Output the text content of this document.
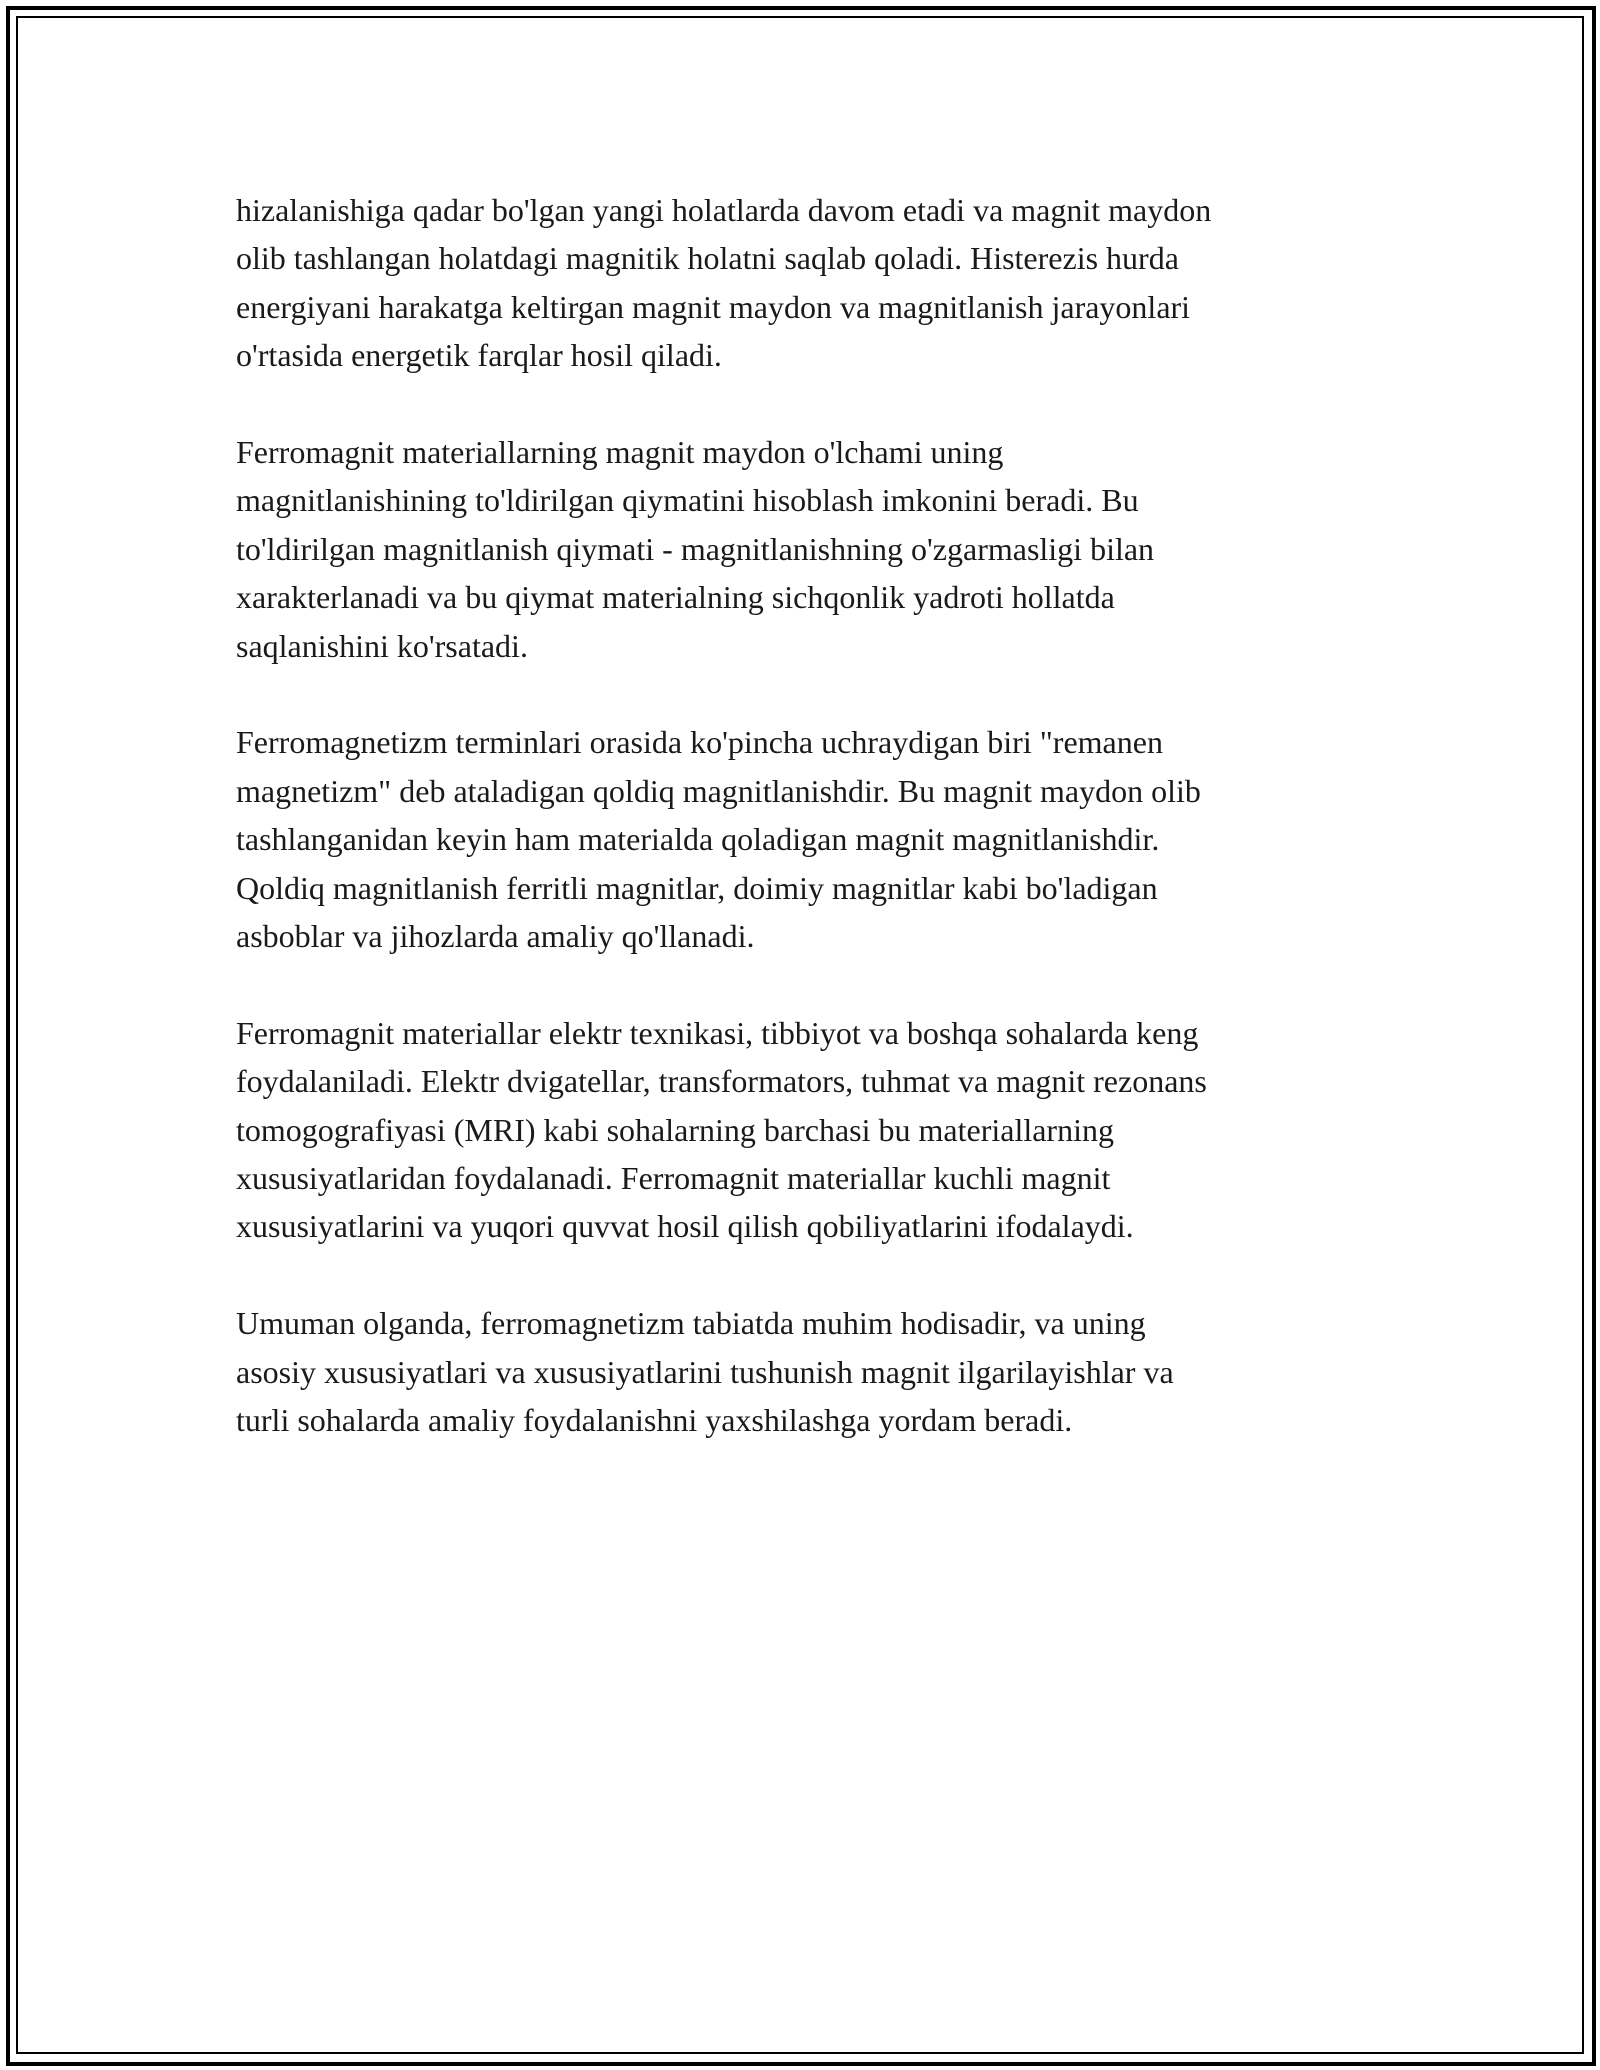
hizalanishiga qadar bo'lgan yangi holatlarda davom etadi va magnit maydon
olib tashlangan holatdagi magnitik holatni saqlab qoladi. Histerezis hurda
energiyani harakatga keltirgan magnit maydon va magnitlanish jarayonlari
o'rtasida energetik farqlar hosil qiladi.

Ferromagnit materiallarning magnit maydon o'lchami uning
magnitlanishining to'ldirilgan qiymatini hisoblash imkonini beradi. Bu
to'ldirilgan magnitlanish qiymati - magnitlanishning o'zgarmasligi bilan
xarakterlanadi va bu qiymat materialning sichqonlik yadroti hollatda
saqlanishini ko'rsatadi.

Ferromagnetizm terminlari orasida ko'pincha uchraydigan biri "remanen
magnetizm" deb ataladigan qoldiq magnitlanishdir. Bu magnit maydon olib
tashlanganidan keyin ham materialda qoladigan magnit magnitlanishdir.
Qoldiq magnitlanish ferritli magnitlar, doimiy magnitlar kabi bo'ladigan
asboblar va jihozlarda amaliy qo'llanadi.

Ferromagnit materiallar elektr texnikasi, tibbiyot va boshqa sohalarda keng
foydalaniladi. Elektr dvigatellar, transformators, tuhmat va magnit rezonans
tomogografiyasi (MRI) kabi sohalarning barchasi bu materiallarning
xususiyatlaridan foydalanadi. Ferromagnit materiallar kuchli magnit
xususiyatlarini va yuqori quvvat hosil qilish qobiliyatlarini ifodalaydi.

Umuman olganda, ferromagnetizm tabiatda muhim hodisadir, va uning
asosiy xususiyatlari va xususiyatlarini tushunish magnit ilgarilayishlar va
turli sohalarda amaliy foydalanishni yaxshilashga yordam beradi.
